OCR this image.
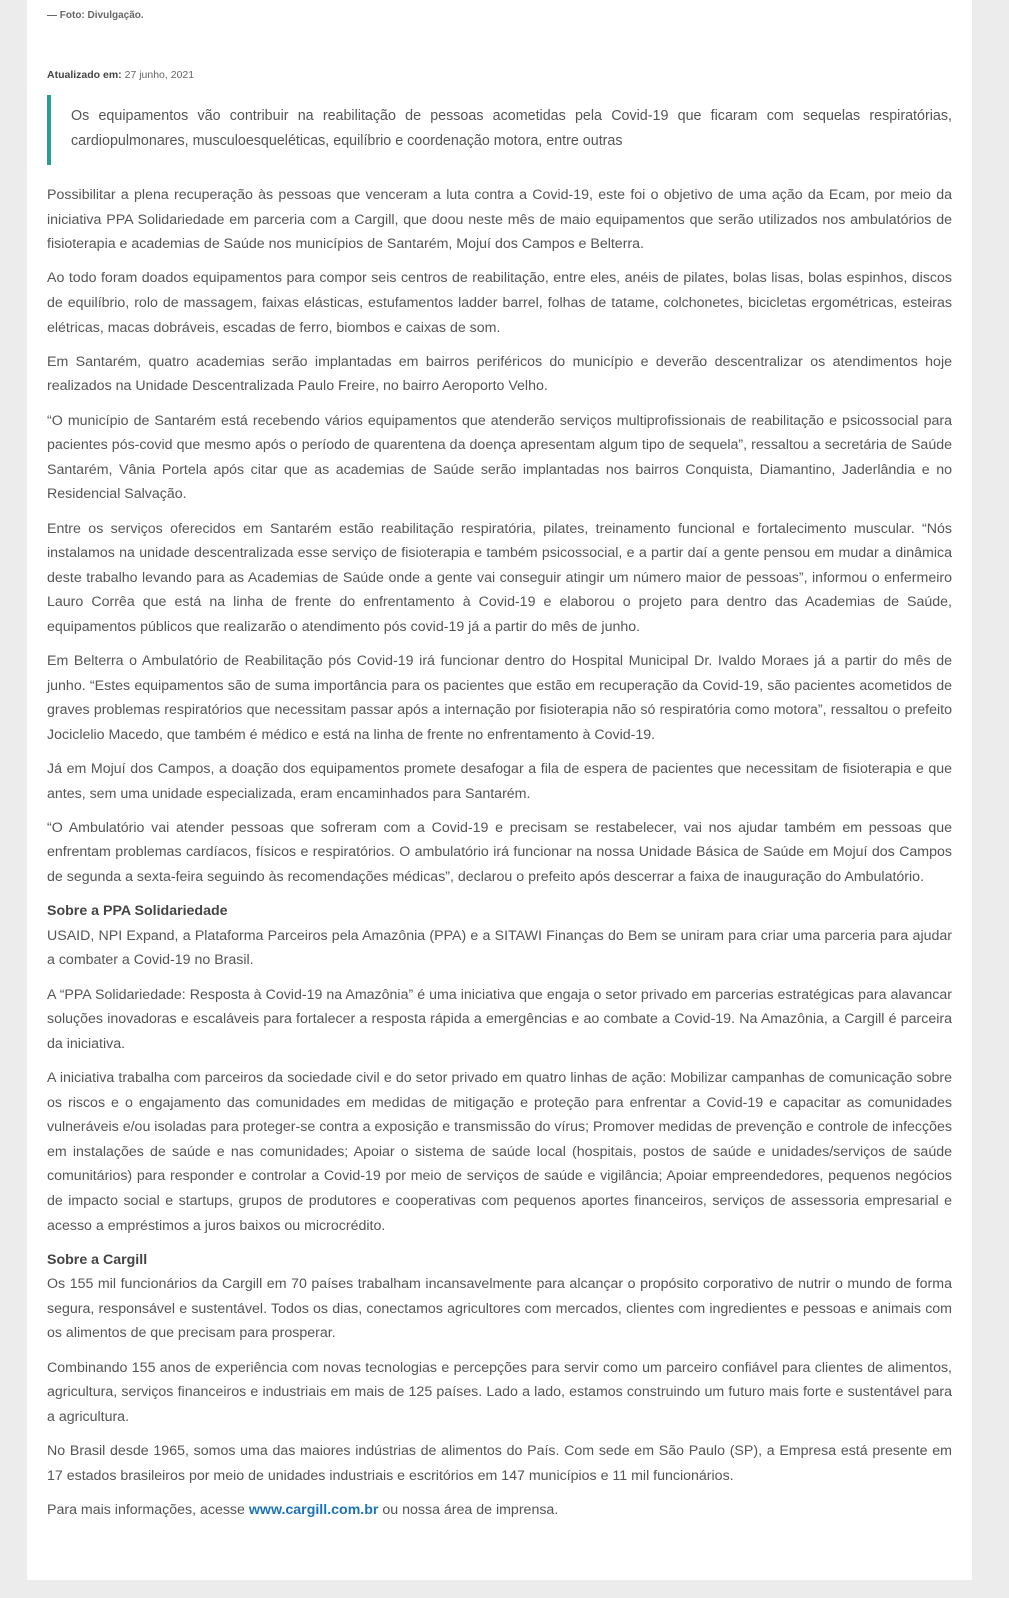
— Foto: Divulgação.
Atualizado em: 27 junho, 2021
Os equipamentos vão contribuir na reabilitação de pessoas acometidas pela Covid-19 que ficaram com sequelas respiratórias, cardiopulmonares, musculoesqueléticas, equilíbrio e coordenação motora, entre outras

Possibilitar a plena recuperação às pessoas que venceram a luta contra a Covid-19, este foi o objetivo de uma ação da Ecam, por meio da iniciativa PPA Solidariedade em parceria com a Cargill, que doou neste mês de maio equipamentos que serão utilizados nos ambulatórios de fisioterapia e academias de Saúde nos municípios de Santarém, Mojuí dos Campos e Belterra.

Ao todo foram doados equipamentos para compor seis centros de reabilitação, entre eles, anéis de pilates, bolas lisas, bolas espinhos, discos de equilíbrio, rolo de massagem, faixas elásticas, estufamentos ladder barrel, folhas de tatame, colchonetes, bicicletas ergométricas, esteiras elétricas, macas dobráveis, escadas de ferro, biombos e caixas de som.

Em Santarém, quatro academias serão implantadas em bairros periféricos do município e deverão descentralizar os atendimentos hoje realizados na Unidade Descentralizada Paulo Freire, no bairro Aeroporto Velho.

“O município de Santarém está recebendo vários equipamentos que atenderão serviços multiprofissionais de reabilitação e psicossocial para pacientes pós-covid que mesmo após o período de quarentena da doença apresentam algum tipo de sequela”, ressaltou a secretária de Saúde Santarém, Vânia Portela após citar que as academias de Saúde serão implantadas nos bairros Conquista, Diamantino, Jaderlândia e no Residencial Salvação.

Entre os serviços oferecidos em Santarém estão reabilitação respiratória, pilates, treinamento funcional e fortalecimento muscular. “Nós instalamos na unidade descentralizada esse serviço de fisioterapia e também psicossocial, e a partir daí a gente pensou em mudar a dinâmica deste trabalho levando para as Academias de Saúde onde a gente vai conseguir atingir um número maior de pessoas”, informou o enfermeiro Lauro Corrêa que está na linha de frente do enfrentamento à Covid-19 e elaborou o projeto para dentro das Academias de Saúde, equipamentos públicos que realizarão o atendimento pós covid-19 já a partir do mês de junho.

Em Belterra o Ambulatório de Reabilitação pós Covid-19 irá funcionar dentro do Hospital Municipal Dr. Ivaldo Moraes já a partir do mês de junho. “Estes equipamentos são de suma importância para os pacientes que estão em recuperação da Covid-19, são pacientes acometidos de graves problemas respiratórios que necessitam passar após a internação por fisioterapia não só respiratória como motora”, ressaltou o prefeito Jociclelio Macedo, que também é médico e está na linha de frente no enfrentamento à Covid-19.

Já em Mojuí dos Campos, a doação dos equipamentos promete desafogar a fila de espera de pacientes que necessitam de fisioterapia e que antes, sem uma unidade especializada, eram encaminhados para Santarém.

“O Ambulatório vai atender pessoas que sofreram com a Covid-19 e precisam se restabelecer, vai nos ajudar também em pessoas que enfrentam problemas cardíacos, físicos e respiratórios. O ambulatório irá funcionar na nossa Unidade Básica de Saúde em Mojuí dos Campos de segunda a sexta-feira seguindo às recomendações médicas”, declarou o prefeito após descerrar a faixa de inauguração do Ambulatório.

Sobre a PPA Solidariedade

USAID, NPI Expand, a Plataforma Parceiros pela Amazônia (PPA) e a SITAWI Finanças do Bem se uniram para criar uma parceria para ajudar a combater a Covid-19 no Brasil.

A “PPA Solidariedade: Resposta à Covid-19 na Amazônia” é uma iniciativa que engaja o setor privado em parcerias estratégicas para alavancar soluções inovadoras e escaláveis para fortalecer a resposta rápida a emergências e ao combate a Covid-19. Na Amazônia, a Cargill é parceira da iniciativa.

A iniciativa trabalha com parceiros da sociedade civil e do setor privado em quatro linhas de ação: Mobilizar campanhas de comunicação sobre os riscos e o engajamento das comunidades em medidas de mitigação e proteção para enfrentar a Covid-19 e capacitar as comunidades vulneráveis e/ou isoladas para proteger-se contra a exposição e transmissão do vírus; Promover medidas de prevenção e controle de infecções em instalações de saúde e nas comunidades; Apoiar o sistema de saúde local (hospitais, postos de saúde e unidades/serviços de saúde comunitários) para responder e controlar a Covid-19 por meio de serviços de saúde e vigilância; Apoiar empreendedores, pequenos negócios de impacto social e startups, grupos de produtores e cooperativas com pequenos aportes financeiros, serviços de assessoria empresarial e acesso a empréstimos a juros baixos ou microcrédito.

Sobre a Cargill

Os 155 mil funcionários da Cargill em 70 países trabalham incansavelmente para alcançar o propósito corporativo de nutrir o mundo de forma segura, responsável e sustentável. Todos os dias, conectamos agricultores com mercados, clientes com ingredientes e pessoas e animais com os alimentos de que precisam para prosperar.

Combinando 155 anos de experiência com novas tecnologias e percepções para servir como um parceiro confiável para clientes de alimentos, agricultura, serviços financeiros e industriais em mais de 125 países. Lado a lado, estamos construindo um futuro mais forte e sustentável para a agricultura.

No Brasil desde 1965, somos uma das maiores indústrias de alimentos do País. Com sede em São Paulo (SP), a Empresa está presente em 17 estados brasileiros por meio de unidades industriais e escritórios em 147 municípios e 11 mil funcionários.

Para mais informações, acesse www.cargill.com.br ou nossa área de imprensa.
